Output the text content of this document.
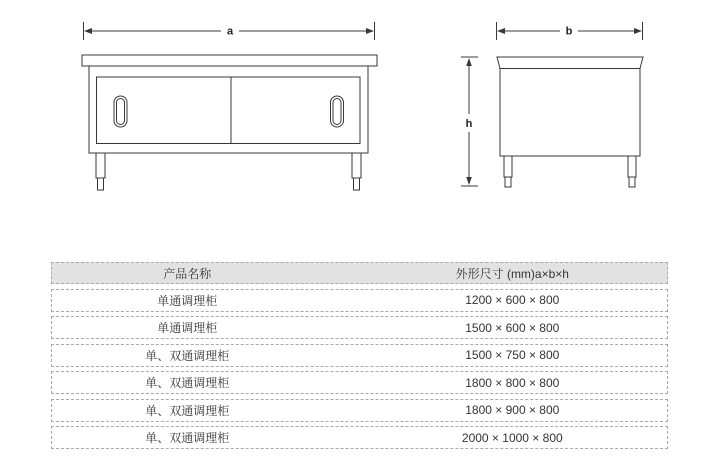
a	b
h
产品名称	外形尺寸 (mm)a×b×h
单通调理柜	1200 × 600 × 800
单通调理柜	1500 × 600 × 800
单、双通调理柜	1500 × 750 × 800
单、双通调理柜	1800 × 800 × 800
单、双通调理柜	1800 × 900 × 800
单、双通调理柜	2000 × 1000 × 800
